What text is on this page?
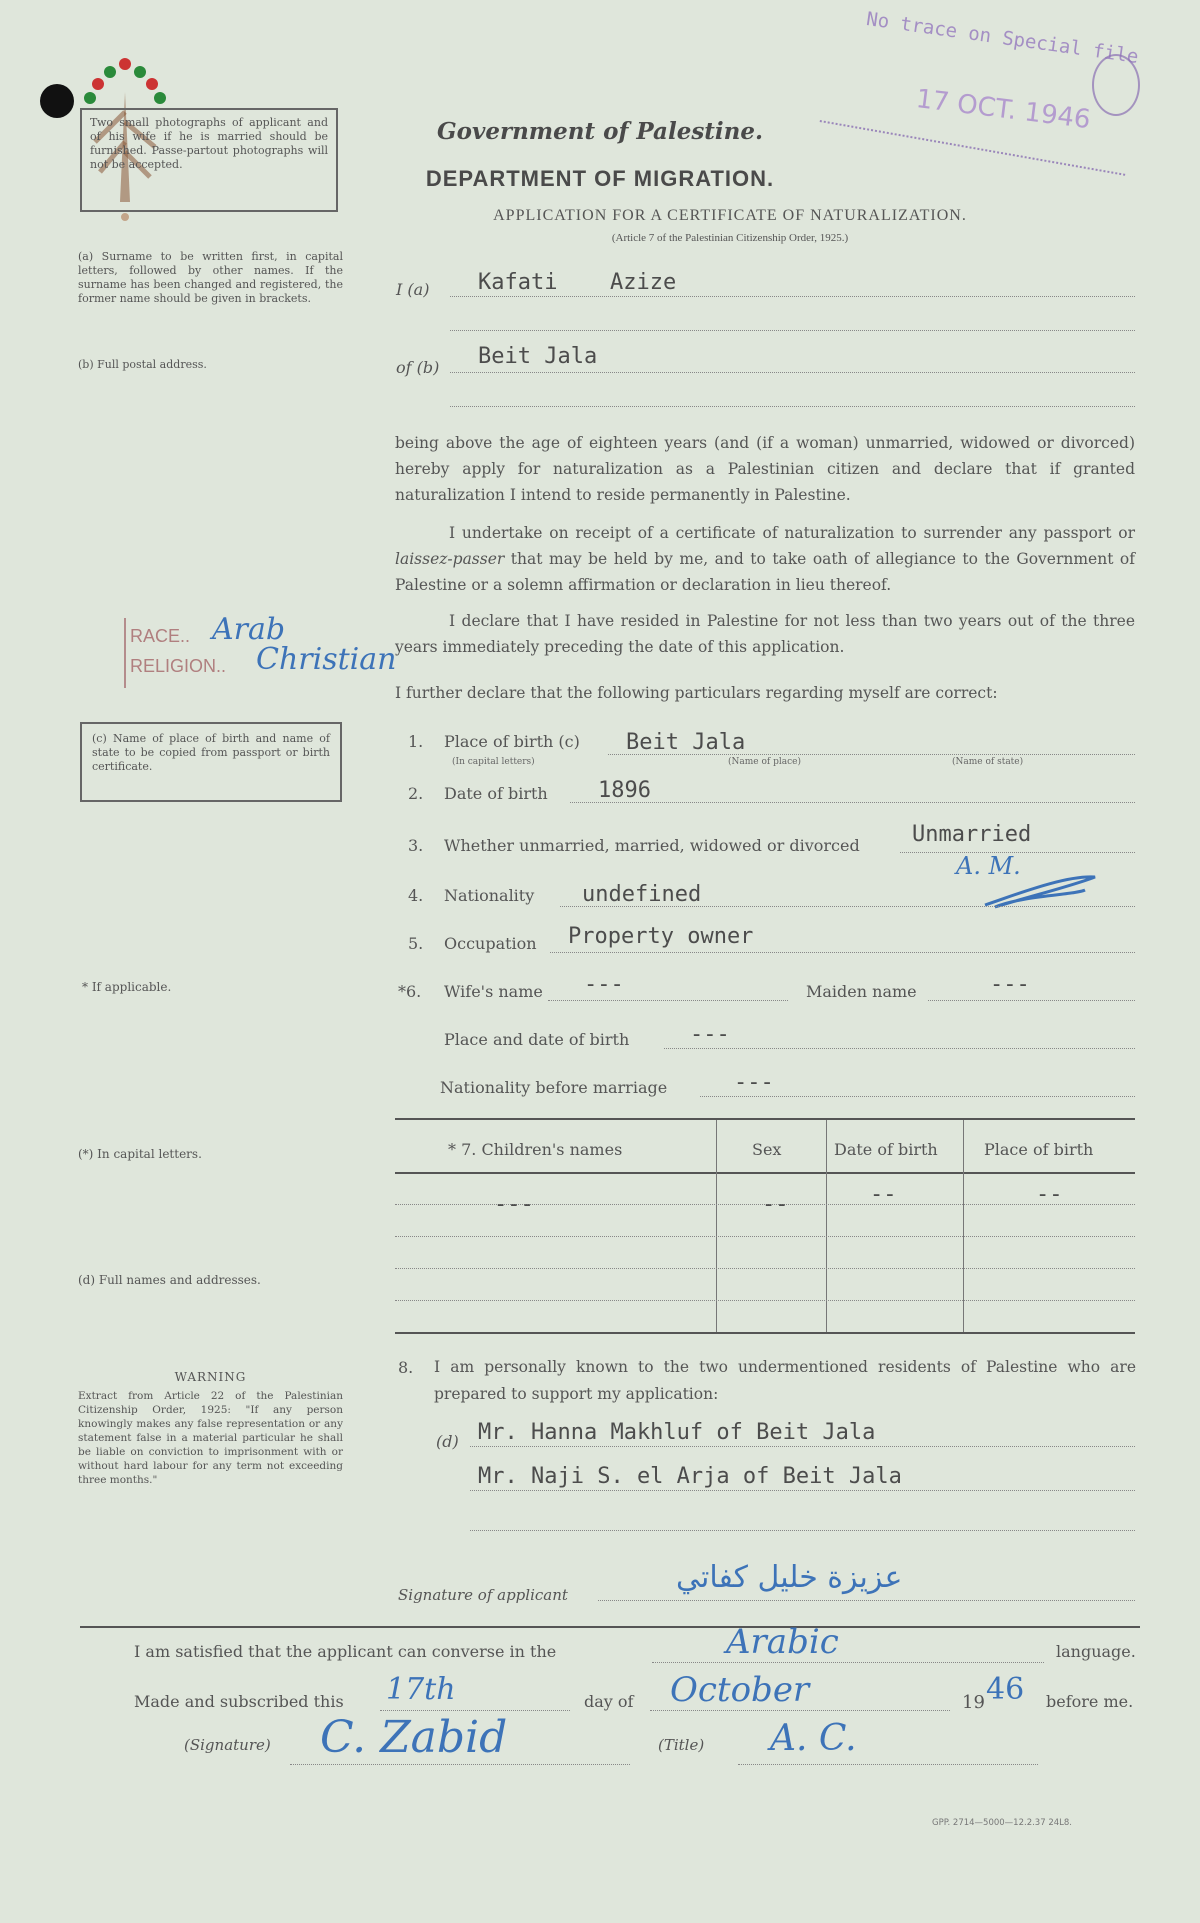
Two small photographs of applicant and of his wife if he is married should be furnished. Passe-partout photographs will not be accepted.
(a) Surname to be written first, in capital letters, followed by other names. If the surname has been changed and registered, the former name should be given in brackets.
(b) Full postal address.
No trace on Special file
17 OCT. 1946
Government of Palestine.
DEPARTMENT OF MIGRATION.
APPLICATION FOR A CERTIFICATE OF NATURALIZATION.
(Article 7 of the Palestinian Citizenship Order, 1925.)
I (a) Kafati Azize
of (b) Beit Jala
being above the age of eighteen years (and (if a woman) unmarried, widowed or divorced) hereby apply for naturalization as a Palestinian citizen and declare that if granted naturalization I intend to reside permanently in Palestine.
I undertake on receipt of a certificate of naturalization to surrender any passport or laissez-passer that may be held by me, and to take oath of allegiance to the Government of Palestine or a solemn affirmation or declaration in lieu thereof.
I declare that I have resided in Palestine for not less than two years out of the three years immediately preceding the date of this application.
I further declare that the following particulars regarding myself are correct:
RACE.. Arab
RELIGION.. Christian
(c) Name of place of birth and name of state to be copied from passport or birth certificate.
1. Place of birth (c) Beit Jala
(In capital letters)	(Name of place)	(Name of state)
2. Date of birth 1896
3. Whether unmarried, married, widowed or divorced Unmarried
A. M.
4. Nationality undefined
5. Occupation Property owner
* If applicable.	*6. Wife's name ---	Maiden name	---
Place and date of birth	---
Nationality before marriage	---
* 7. Children's names	Sex	Date of birth	Place of birth
---	--	--	--
(*) In capital letters.
(d) Full names and addresses.
8. I am personally known to the two undermentioned residents of Palestine who are prepared to support my application:
(d) Mr. Hanna Makhluf of Beit Jala
Mr. Naji S. el Arja of Beit Jala
WARNING
Extract from Article 22 of the Palestinian Citizenship Order, 1925: "If any person knowingly makes any false representation or any statement false in a material particular he shall be liable on conviction to imprisonment with or without hard labour for any term not exceeding three months."
Signature of applicant	عزيزة خليل كفاتي
I am satisfied that the applicant can converse in the	Arabic	language.
Made and subscribed this 17th	day of October	19 46 before me.
(Signature) C. Zabid	(Title) A. C.
GPP. 2714—5000—12.2.37 24L8.
